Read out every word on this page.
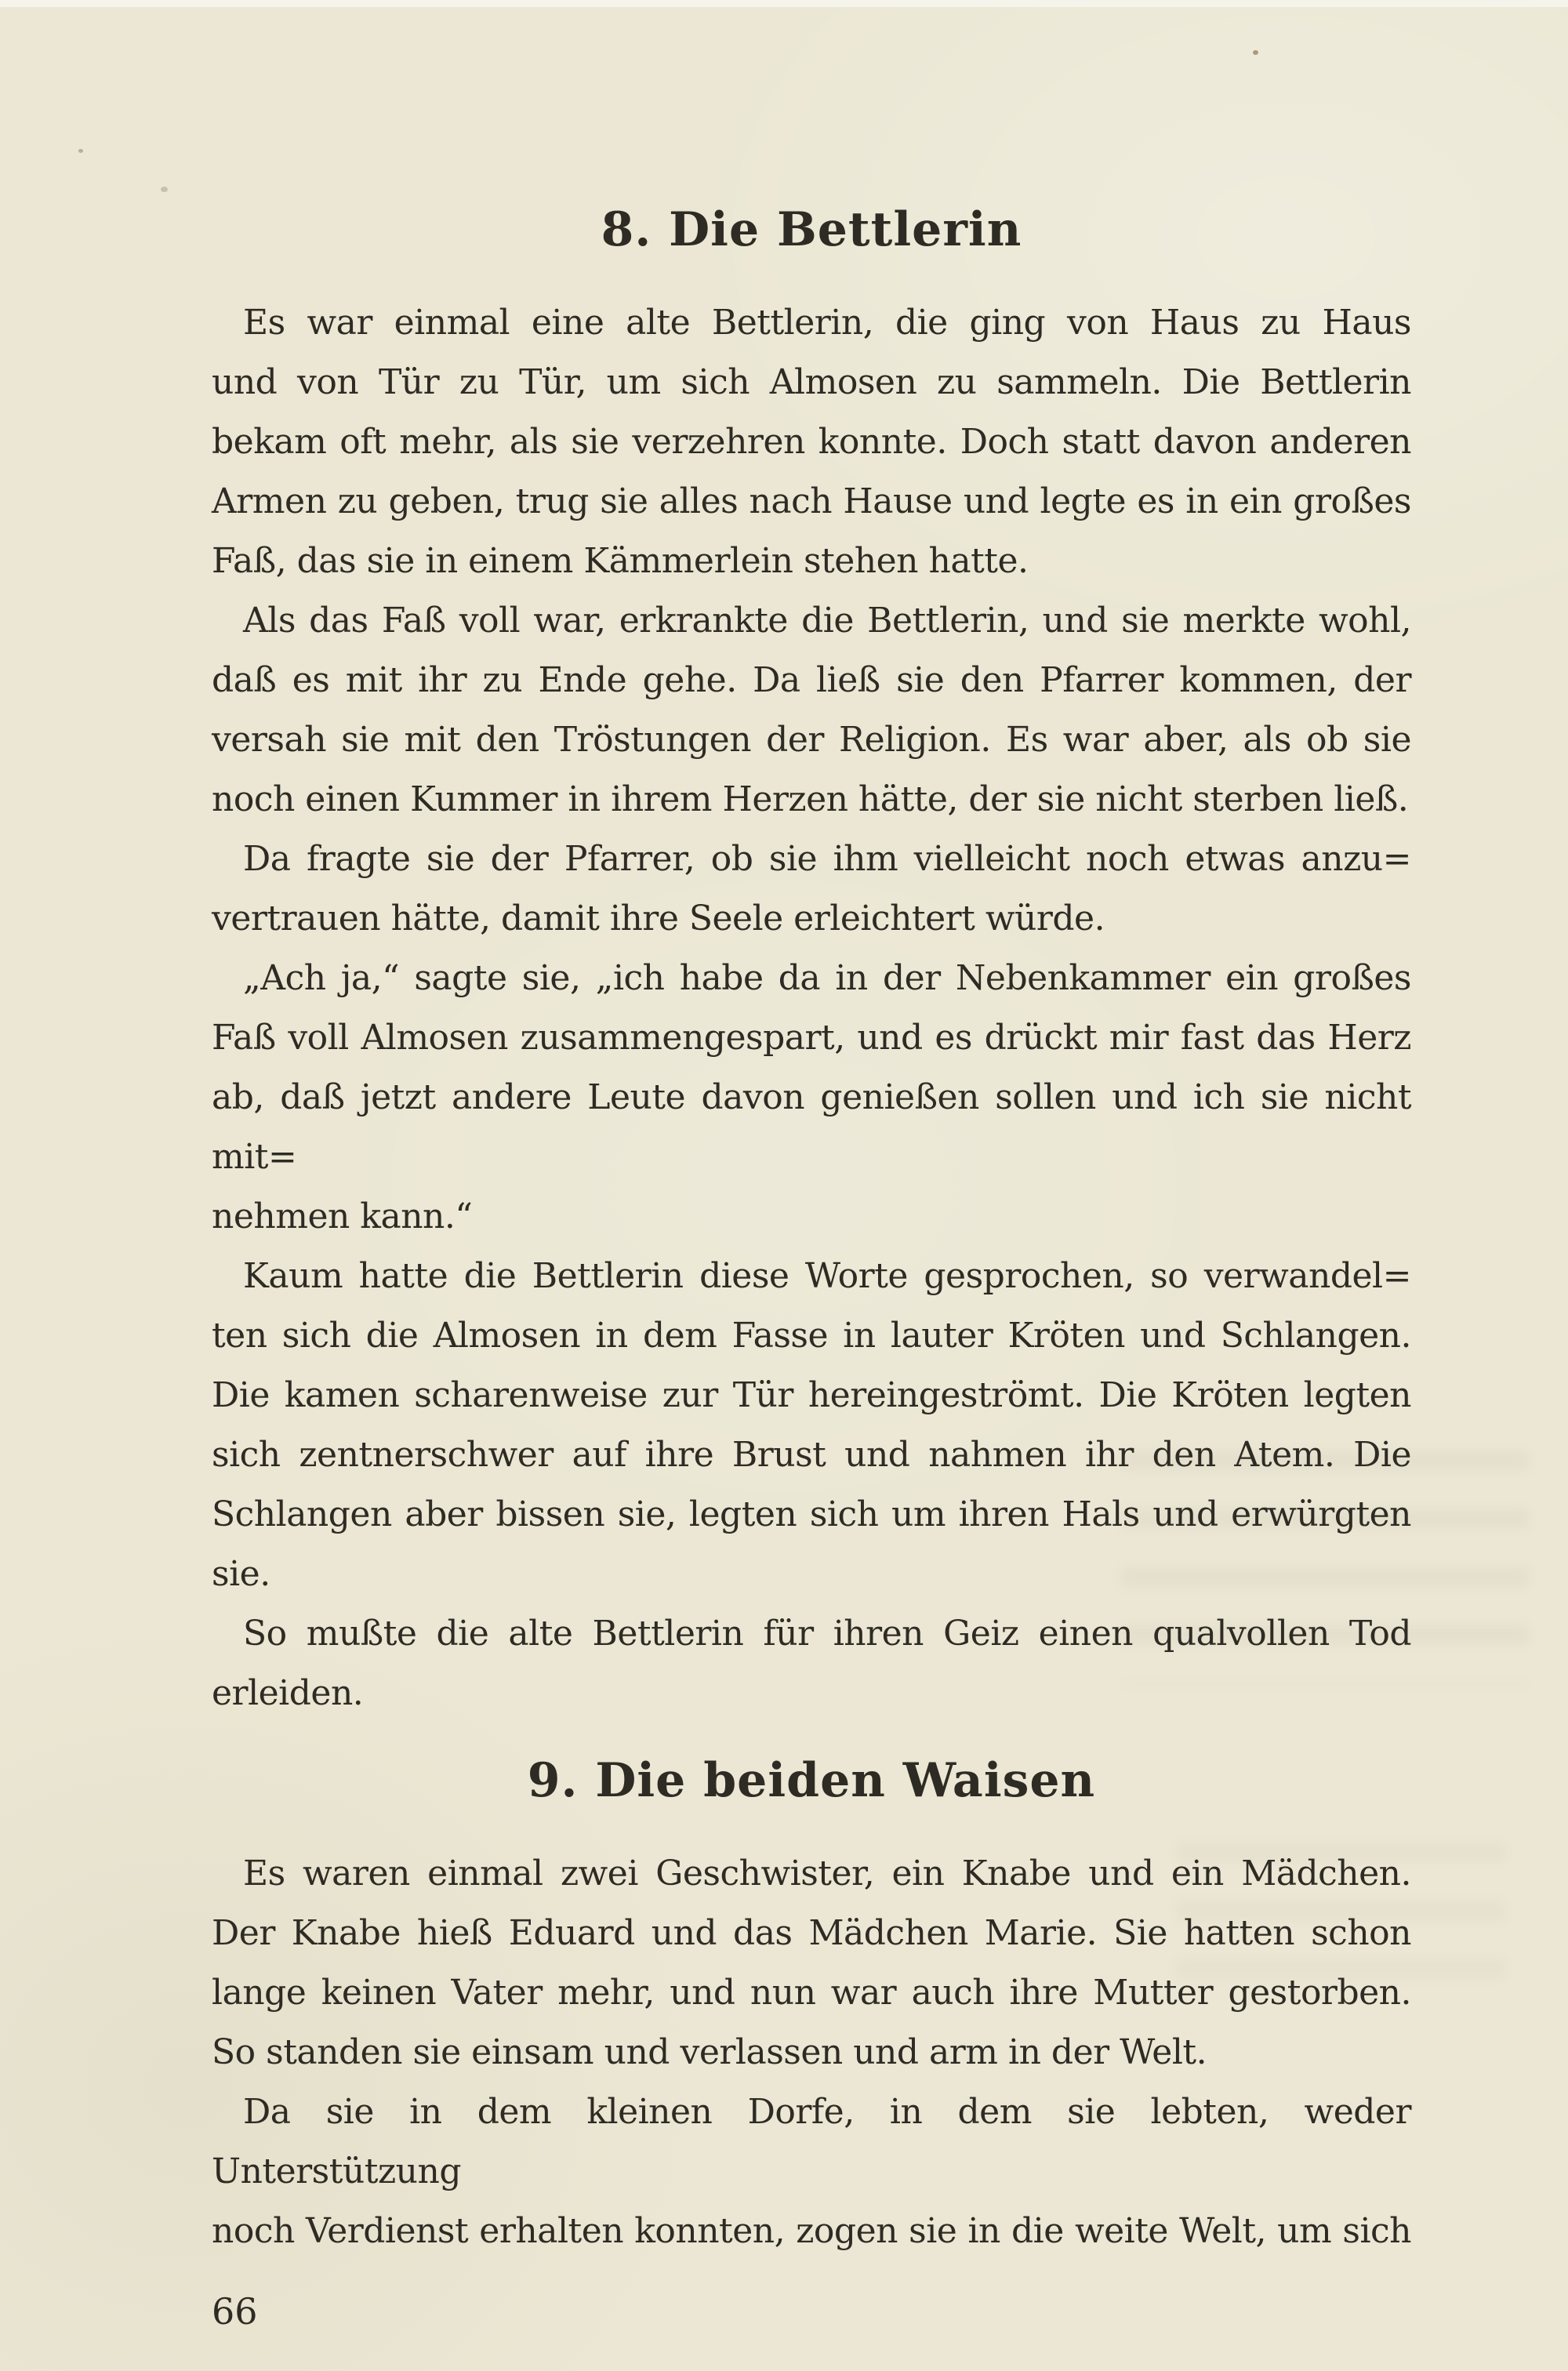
8. Die Bettlerin
Es war einmal eine alte Bettlerin, die ging von Haus zu Haus
und von Tür zu Tür, um sich Almosen zu sammeln. Die Bettlerin
bekam oft mehr, als sie verzehren konnte. Doch statt davon anderen
Armen zu geben, trug sie alles nach Hause und legte es in ein großes
Faß, das sie in einem Kämmerlein stehen hatte.
Als das Faß voll war, erkrankte die Bettlerin, und sie merkte wohl,
daß es mit ihr zu Ende gehe. Da ließ sie den Pfarrer kommen, der
versah sie mit den Tröstungen der Religion. Es war aber, als ob sie
noch einen Kummer in ihrem Herzen hätte, der sie nicht sterben ließ.
Da fragte sie der Pfarrer, ob sie ihm vielleicht noch etwas anzu=
vertrauen hätte, damit ihre Seele erleichtert würde.
„Ach ja,“ sagte sie, „ich habe da in der Nebenkammer ein großes
Faß voll Almosen zusammengespart, und es drückt mir fast das Herz
ab, daß jetzt andere Leute davon genießen sollen und ich sie nicht mit=
nehmen kann.“
Kaum hatte die Bettlerin diese Worte gesprochen, so verwandel=
ten sich die Almosen in dem Fasse in lauter Kröten und Schlangen.
Die kamen scharenweise zur Tür hereingeströmt. Die Kröten legten
sich zentnerschwer auf ihre Brust und nahmen ihr den Atem. Die
Schlangen aber bissen sie, legten sich um ihren Hals und erwürgten
sie.
So mußte die alte Bettlerin für ihren Geiz einen qualvollen Tod
erleiden.
9. Die beiden Waisen
Es waren einmal zwei Geschwister, ein Knabe und ein Mädchen.
Der Knabe hieß Eduard und das Mädchen Marie. Sie hatten schon
lange keinen Vater mehr, und nun war auch ihre Mutter gestorben.
So standen sie einsam und verlassen und arm in der Welt.
Da sie in dem kleinen Dorfe, in dem sie lebten, weder Unterstützung
noch Verdienst erhalten konnten, zogen sie in die weite Welt, um sich
66
